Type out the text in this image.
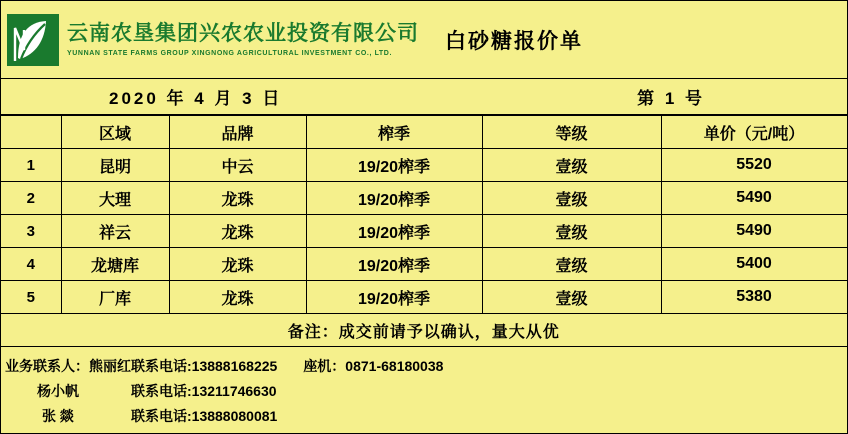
云南农垦集团兴农农业投资有限公司
YUNNAN STATE FARMS GROUP XINGNONG AGRICULTURAL INVESTMENT CO., LTD.
白砂糖报价单
2020 年 4 月 3 日	第 1 号
	区域	品牌	榨季	等级	单价（元/吨）
1	昆明	中云	19/20榨季	壹级	5520
2	大理	龙珠	19/20榨季	壹级	5490
3	祥云	龙珠	19/20榨季	壹级	5490
4	龙塘库	龙珠	19/20榨季	壹级	5400
5	厂库	龙珠	19/20榨季	壹级	5380
备注：成交前请予以确认，量大从优					
业务联系人：熊丽红 联系电话:13888168225 座机：0871-68180038
杨小帆	联系电话:13211746630
张 燚	联系电话:13888080081
